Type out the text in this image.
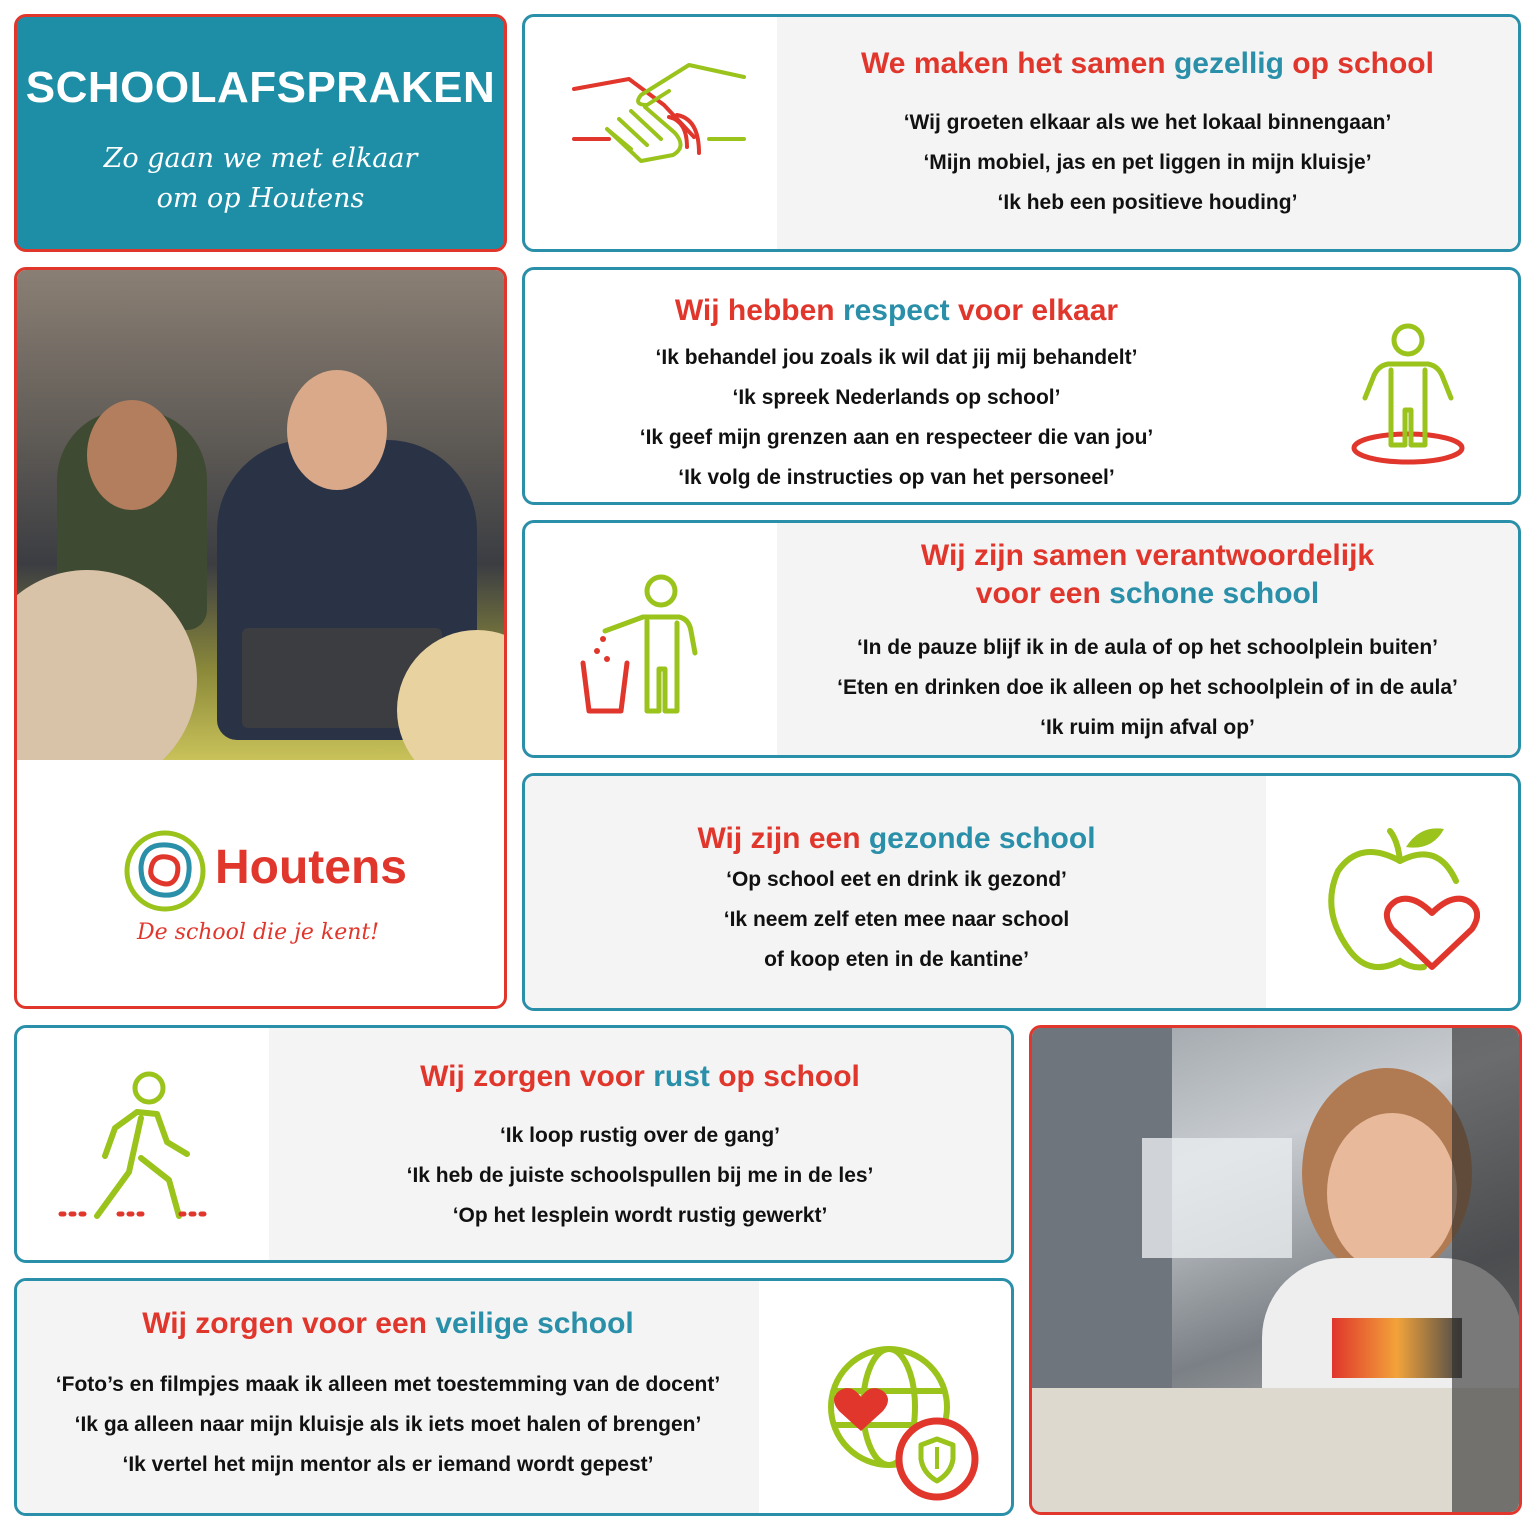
SCHOOLAFSPRAKEN
Zo gaan we met elkaar
om op Houtens
We maken het samen gezellig op school
‘Wij groeten elkaar als we het lokaal binnengaan’
‘Mijn mobiel, jas en pet liggen in mijn kluisje’
‘Ik heb een positieve houding’
Houtens
De school die je kent!
Wij hebben respect voor elkaar
‘Ik behandel jou zoals ik wil dat jij mij behandelt’
‘Ik spreek Nederlands op school’
‘Ik geef mijn grenzen aan en respecteer die van jou’
‘Ik volg de instructies op van het personeel’
Wij zijn samen verantwoordelijk
voor een schone school
‘In de pauze blijf ik in de aula of op het schoolplein buiten’
‘Eten en drinken doe ik alleen op het schoolplein of in de aula’
‘Ik ruim mijn afval op’
Wij zijn een gezonde school
‘Op school eet en drink ik gezond’
‘Ik neem zelf eten mee naar school
of koop eten in de kantine’
Wij zorgen voor rust op school
‘Ik loop rustig over de gang’
‘Ik heb de juiste schoolspullen bij me in de les’
‘Op het lesplein wordt rustig gewerkt’
Wij zorgen voor een veilige school
‘Foto’s en filmpjes maak ik alleen met toestemming van de docent’
‘Ik ga alleen naar mijn kluisje als ik iets moet halen of brengen’
‘Ik vertel het mijn mentor als er iemand wordt gepest’
